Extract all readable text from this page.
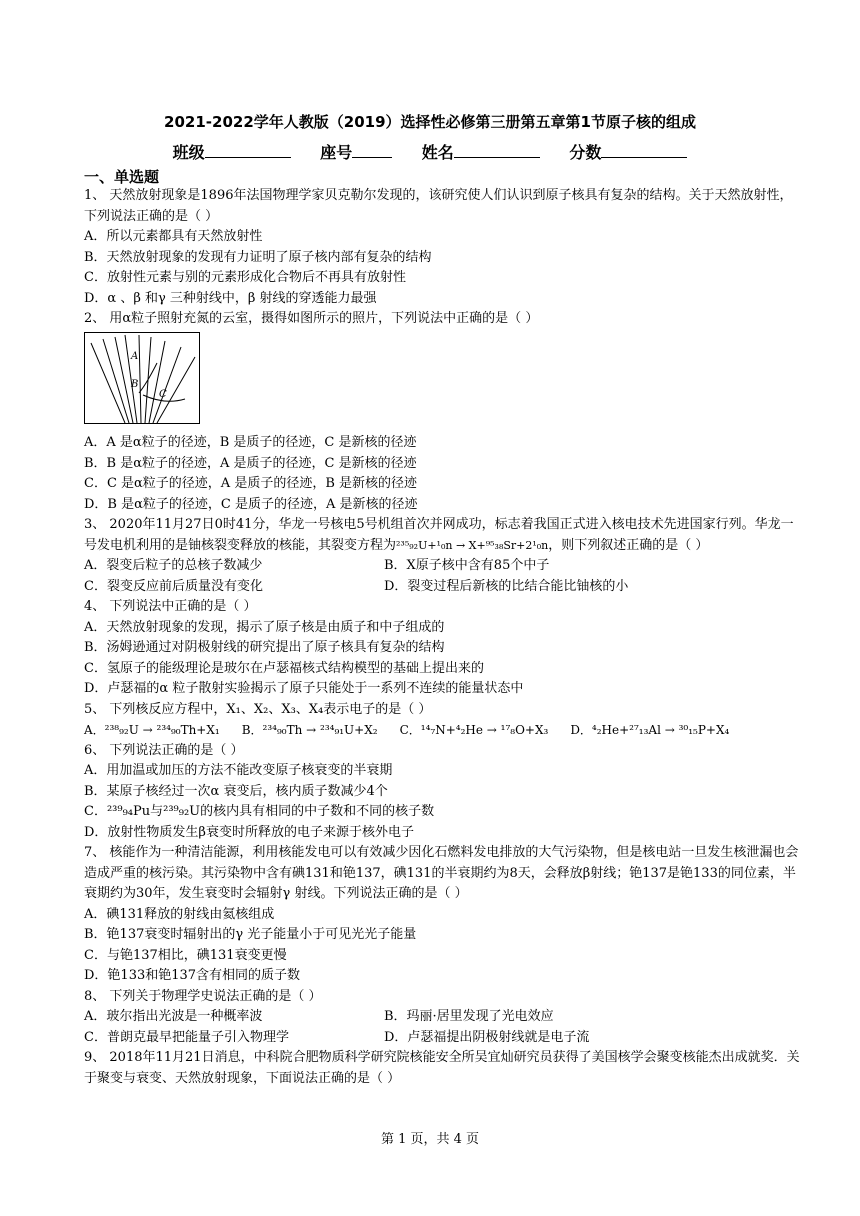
2021-2022学年人教版（2019）选择性必修第三册第五章第1节原子核的组成
班级	座号	姓名	分数
一、单选题

1、 天然放射现象是1896年法国物理学家贝克勒尔发现的，该研究使人们认识到原子核具有复杂的结构。关于天然放射性，下列说法正确的是（ ）

A．所以元素都具有天然放射性

B．天然放射现象的发现有力证明了原子核内部有复杂的结构

C．放射性元素与别的元素形成化合物后不再具有放射性

D．α 、β 和γ 三种射线中，β 射线的穿透能力最强

2、 用α粒子照射充氮的云室，摄得如图所示的照片，下列说法中正确的是（ ）

A
B
C

A．A 是α粒子的径迹，B 是质子的径迹，C 是新核的径迹

B．B 是α粒子的径迹，A 是质子的径迹，C 是新核的径迹

C．C 是α粒子的径迹，A 是质子的径迹，B 是新核的径迹

D．B 是α粒子的径迹，C 是质子的径迹，A 是新核的径迹

3、 2020年11月27日0时41分，华龙一号核电5号机组首次并网成功，标志着我国正式进入核电技术先进国家行列。华龙一号发电机利用的是铀核裂变释放的核能，其裂变方程为²³⁵₉₂U+¹₀n → X+⁹⁵₃₈Sr+2¹₀n，则下列叙述正确的是（ ）

A．裂变后粒子的总核子数减少	B．X原子核中含有85个中子
C．裂变反应前后质量没有变化	D．裂变过程后新核的比结合能比铀核的小

4、 下列说法中正确的是（ ）

A．天然放射现象的发现，揭示了原子核是由质子和中子组成的

B．汤姆逊通过对阴极射线的研究提出了原子核具有复杂的结构

C．氢原子的能级理论是玻尔在卢瑟福核式结构模型的基础上提出来的

D．卢瑟福的α 粒子散射实验揭示了原子只能处于一系列不连续的能量状态中

5、 下列核反应方程中，X₁、X₂、X₃、X₄表示电子的是（ ）

A．²³⁸₉₂U → ²³⁴₉₀Th+X₁ B．²³⁴₉₀Th → ²³⁴₉₁U+X₂ C．¹⁴₇N+⁴₂He → ¹⁷₈O+X₃ D．⁴₂He+²⁷₁₃Al → ³⁰₁₅P+X₄

6、 下列说法正确的是（ ）

A．用加温或加压的方法不能改变原子核衰变的半衰期

B．某原子核经过一次α 衰变后，核内质子数减少4个

C．²³⁹₉₄Pu与²³⁹₉₂U的核内具有相同的中子数和不同的核子数

D．放射性物质发生β衰变时所释放的电子来源于核外电子

7、 核能作为一种清洁能源，利用核能发电可以有效减少因化石燃料发电排放的大气污染物，但是核电站一旦发生核泄漏也会造成严重的核污染。其污染物中含有碘131和铯137，碘131的半衰期约为8天，会释放β射线；铯137是铯133的同位素，半衰期约为30年，发生衰变时会辐射γ 射线。下列说法正确的是（ ）

A．碘131释放的射线由氦核组成

B．铯137衰变时辐射出的γ 光子能量小于可见光光子能量

C．与铯137相比，碘131衰变更慢

D．铯133和铯137含有相同的质子数

8、 下列关于物理学史说法正确的是（ ）

A．玻尔指出光波是一种概率波	B．玛丽·居里发现了光电效应
C．普朗克最早把能量子引入物理学	D．卢瑟福提出阴极射线就是电子流

9、 2018年11月21日消息，中科院合肥物质科学研究院核能安全所吴宜灿研究员获得了美国核学会聚变核能杰出成就奖．关于聚变与衰变、天然放射现象，下面说法正确的是（ ）

第 1 页，共 4 页
